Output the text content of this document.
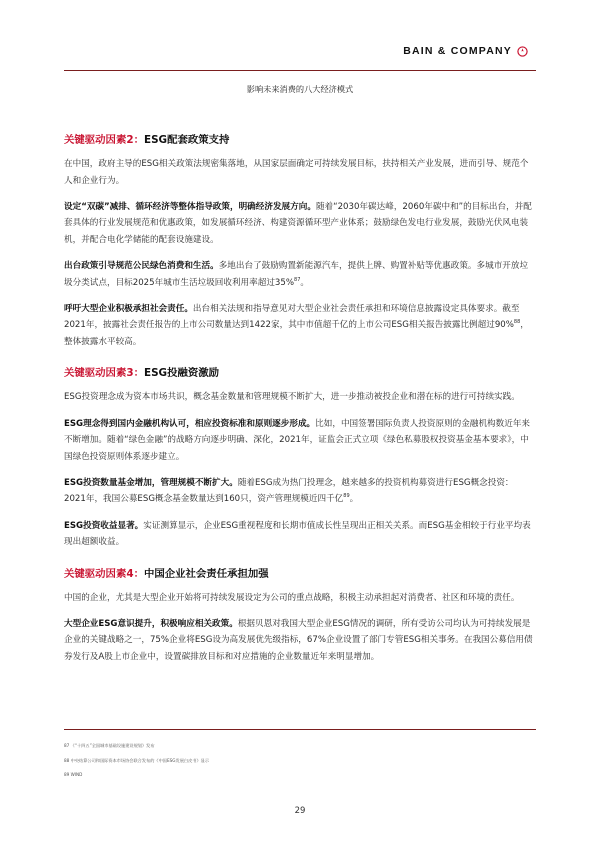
BAIN & COMPANY
影响未来消费的八大经济模式
关键驱动因素2：ESG配套政策支持

在中国，政府主导的ESG相关政策法规密集落地，从国家层面确定可持续发展目标，扶持相关产业发展，进而引导、规范个人和企业行为。

设定“双碳”减排、循环经济等整体指导政策，明确经济发展方向。随着“2030年碳达峰，2060年碳中和”的目标出台，并配套具体的行业发展规范和优惠政策，如发展循环经济、构建资源循环型产业体系；鼓励绿色发电行业发展，鼓励光伏风电装机，并配合电化学储能的配套设施建设。

出台政策引导规范公民绿色消费和生活。多地出台了鼓励购置新能源汽车，提供上牌、购置补贴等优惠政策。多城市开放垃圾分类试点，目标2025年城市生活垃圾回收利用率超过35%$^{87}$。

呼吁大型企业积极承担社会责任。出台相关法规和指导意见对大型企业社会责任承担和环境信息披露设定具体要求。截至2021年，披露社会责任报告的上市公司数量达到1422家，其中市值超千亿的上市公司ESG相关报告披露比例超过90%$^{88}$，整体披露水平较高。

关键驱动因素3：ESG投融资激励

ESG投资理念成为资本市场共识，概念基金数量和管理规模不断扩大，进一步推动被投企业和潜在标的进行可持续实践。

ESG理念得到国内金融机构认可，相应投资标准和原则逐步形成。比如，中国签署国际负责人投资原则的金融机构数近年来不断增加。随着“绿色金融”的战略方向逐步明确、深化，2021年，证监会正式立项《绿色私募股权投资基金基本要求》，中国绿色投资原则体系逐步建立。

ESG投资数量基金增加，管理规模不断扩大。随着ESG成为热门投理念，越来越多的投资机构募资进行ESG概念投资：2021年，我国公募ESG概念基金数量达到160只，资产管理规模近四千亿$^{89}$。

ESG投资收益显著。实证测算显示，企业ESG重视程度和长期市值成长性呈现出正相关关系。而ESG基金相较于行业平均表现出超额收益。

关键驱动因素4：中国企业社会责任承担加强

中国的企业，尤其是大型企业开始将可持续发展设定为公司的重点战略，积极主动承担起对消费者、社区和环境的责任。

大型企业ESG意识提升，积极响应相关政策。根据贝恩对我国大型企业ESG情况的调研，所有受访公司均认为可持续发展是企业的关键战略之一，75%企业将ESG设为高发展优先级指标，67%企业设置了部门专管ESG相关事务。在我国公募信用债券发行及A股上市企业中，设置碳排放目标和对应措施的企业数量近年来明显增加。

87 《“十四五”全国城市基础设施建设规划》发布
88 中央结算公司和国际资本市场协会联合发布的《中国ESG发展白皮书》显示
89 WIND
29
